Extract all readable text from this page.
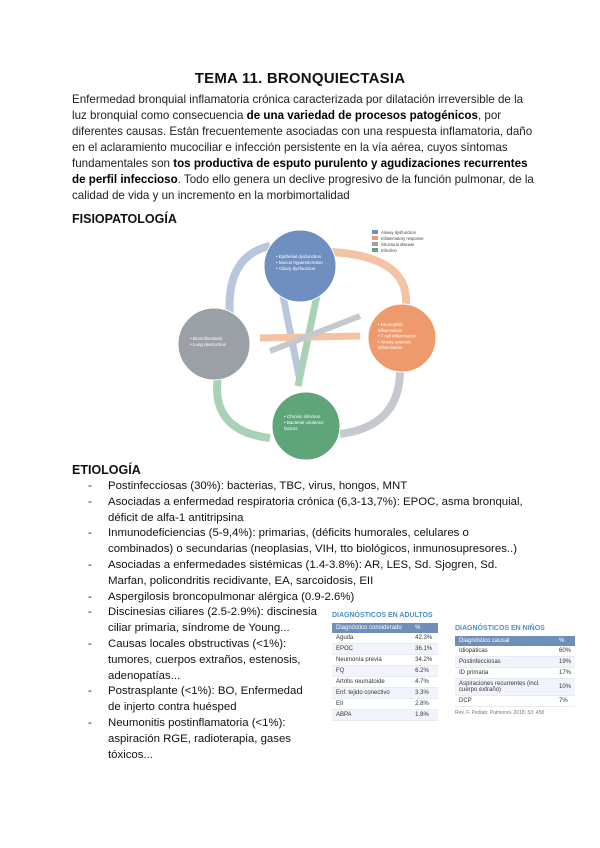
TEMA 11. BRONQUIECTASIA
Enfermedad bronquial inflamatoria crónica caracterizada por dilatación irreversible de la luz bronquial como consecuencia de una variedad de procesos patogénicos, por diferentes causas. Están frecuentemente asociadas con una respuesta inflamatoria, daño en el aclaramiento mucociliar e infección persistente en la vía aérea, cuyos síntomas fundamentales son tos productiva de esputo purulento y agudizaciones recurrentes de perfil infeccioso. Todo ello genera un declive progresivo de la función pulmonar, de la calidad de vida y un incremento en la morbimortalidad
FISIOPATOLOGÍA
• Epithelial dysfunction
• Mucus hypersecretion
• Ciliary dysfunction
• Neutrophilic
inflammation
• T cell inflammation
• Airway systemic
inflammation
• Chronic infection
• Bacterial virulence
factors
• Bronchiectasis
• Lung destruction
Airway dysfunction
Inflammatory response
Structural disease
Infection
ETIOLOGÍA
- Postinfecciosas (30%): bacterias, TBC, virus, hongos, MNT
- Asociadas a enfermedad respiratoria crónica (6,3-13,7%): EPOC, asma bronquial, déficit de alfa-1 antitripsina
- Inmunodeficiencias (5-9,4%): primarias, (déficits humorales, celulares o combinados) o secundarias (neoplasias, VIH, tto biológicos, inmunosupresores..)
- Asociadas a enfermedades sistémicas (1.4-3.8%): AR, LES, Sd. Sjogren, Sd. Marfan, policondritis recidivante, EA, sarcoidosis, EII
- Aspergilosis broncopulmonar alérgica (0.9-2.6%)
- Discinesias ciliares (2.5-2.9%): discinesia ciliar primaria, síndrome de Young...
- Causas locales obstructivas (<1%): tumores, cuerpos extraños, estenosis, adenopatías...
- Postrasplante (<1%): BO, Enfermedad de injerto contra huésped
- Neumonitis postinflamatoria (<1%): aspiración RGE, radioterapia, gases tóxicos...
DIAGNÓSTICOS EN ADULTOS
Diagnóstico considerado	%
Aguda	42.3%
EPOC	36.1%
Neumonía previa	34.2%
FQ	6.2%
Artritis reumatoide	4.7%
Enf. tejido conectivo	3.3%
EII	2.8%
ABPA	1.8%
DIAGNÓSTICOS EN NIÑOS
Diagnóstico causal	%
Idiopáticas	60%
Postinfecciosas	19%
ID primaria	17%
Aspiraciones recurrentes (incl. cuerpo extraño)	10%
DCP	7%
Rev. F. Pediatr. Pulmonol. 2018; 53: 458
